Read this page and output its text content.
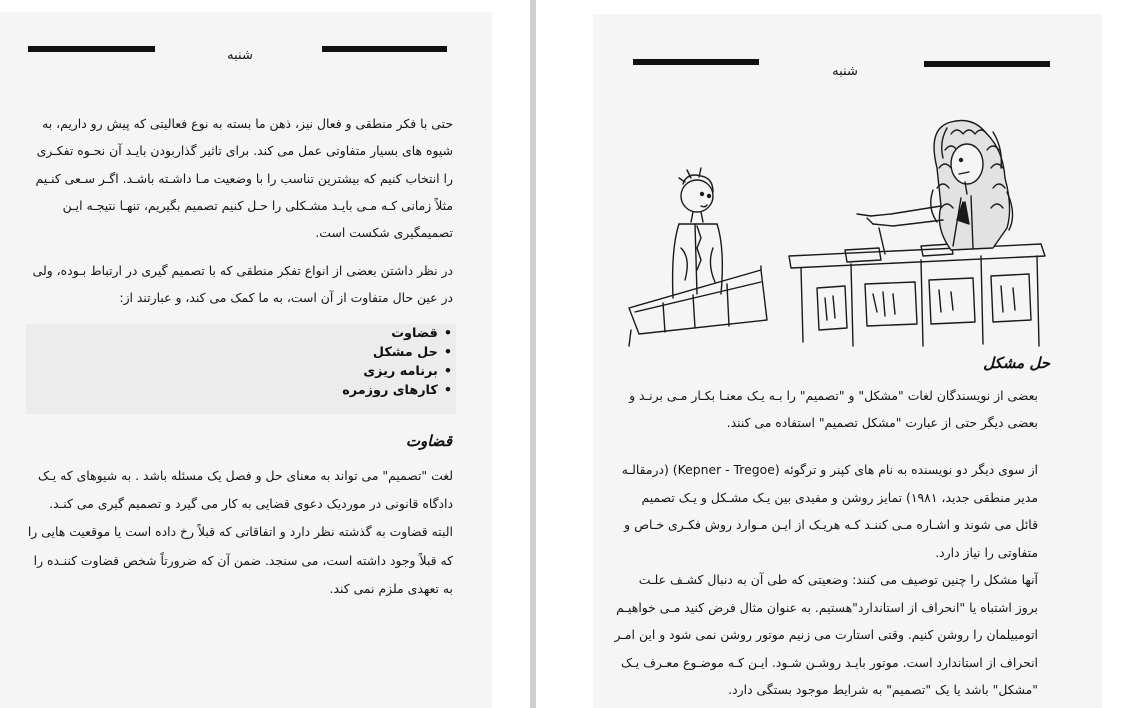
شنبه
حتی با فکر منطقی و فعال نیز، ذهن ما بسته به نوع فعالیتی که پیش رو داریم، به
شیوه های بسیار متفاوتی عمل می کند. برای تاثیر گذاربودن بایـد آن نحـوه تفکـری
را انتخاب کنیم که بیشترین تناسب را با وضعیت مـا داشـته باشـد. اگـر سـعی کنـیم
مثلاً زمانی کـه مـی بایـد مشـکلی را حـل کنیم تصمیم بگیریم، تنهـا نتیجـه ایـن
تصمیمگیری شکست است.
در نظر داشتن بعضی از انواع تفکر منطقی که با تصمیم گیری در ارتباط بـوده، ولی
در عین حال متفاوت از آن است، به ما کمک می کند، و عبارتند از:
•قضاوت
•حل مشکل
•برنامه ریزی
•کارهای روزمره
قضاوت
لغت "تصمیم" می تواند به معنای حل و فصل یک مسئله باشد . به شیوهای که یـک
دادگاه قانونی در موردیک دعوی قضایی به کار می گیرد و تصمیم گیری می کنـد.
البته قضاوت به گذشته نظر دارد و اتفاقاتی که قبلاً رخ داده است یا موقعیت هایی را
که قبلاً وجود داشته است، می سنجد. ضمن آن که ضرورتاً شخص قضاوت کننـده را
به تعهدی ملزم نمی کند.
شنبه
حل مشکل
بعضی از نویسندگان لغات "مشکل" و "تصمیم" را بـه یـک معنـا بکـار مـی برنـد و
بعضی دیگر حتی از عبارت "مشکل تصمیم" استفاده می کنند.
از سوی دیگر دو نویسنده به نام های کپنر و ترگوئه (Kepner - Tregoe) (درمقالـه
مدیر منطقی جدید، ۱۹۸۱) تمایز روشن و مفیدی بین یـک مشـکل و یـک تصمیم
قائل می شوند و اشـاره مـی کننـد کـه هریـک از ایـن مـوارد روش فکـری خـاص و
متفاوتی را نیاز دارد.
آنها مشکل را چنین توصیف می کنند: وضعیتی که طی آن به دنبال کشـف علـت
بروز اشتباه یا "انحراف از استاندارد"هستیم. به عنوان مثال فرض کنید مـی خواهیـم
اتومبیلمان را روشن کنیم. وقتی استارت می زنیم موتور روشن نمی شود و این امـر
انحراف از استاندارد است. موتور بایـد روشـن شـود. ایـن کـه موضـوع معـرف یـک
"مشکل" باشد یا یک "تصمیم" به شرایط موجود بستگی دارد.
